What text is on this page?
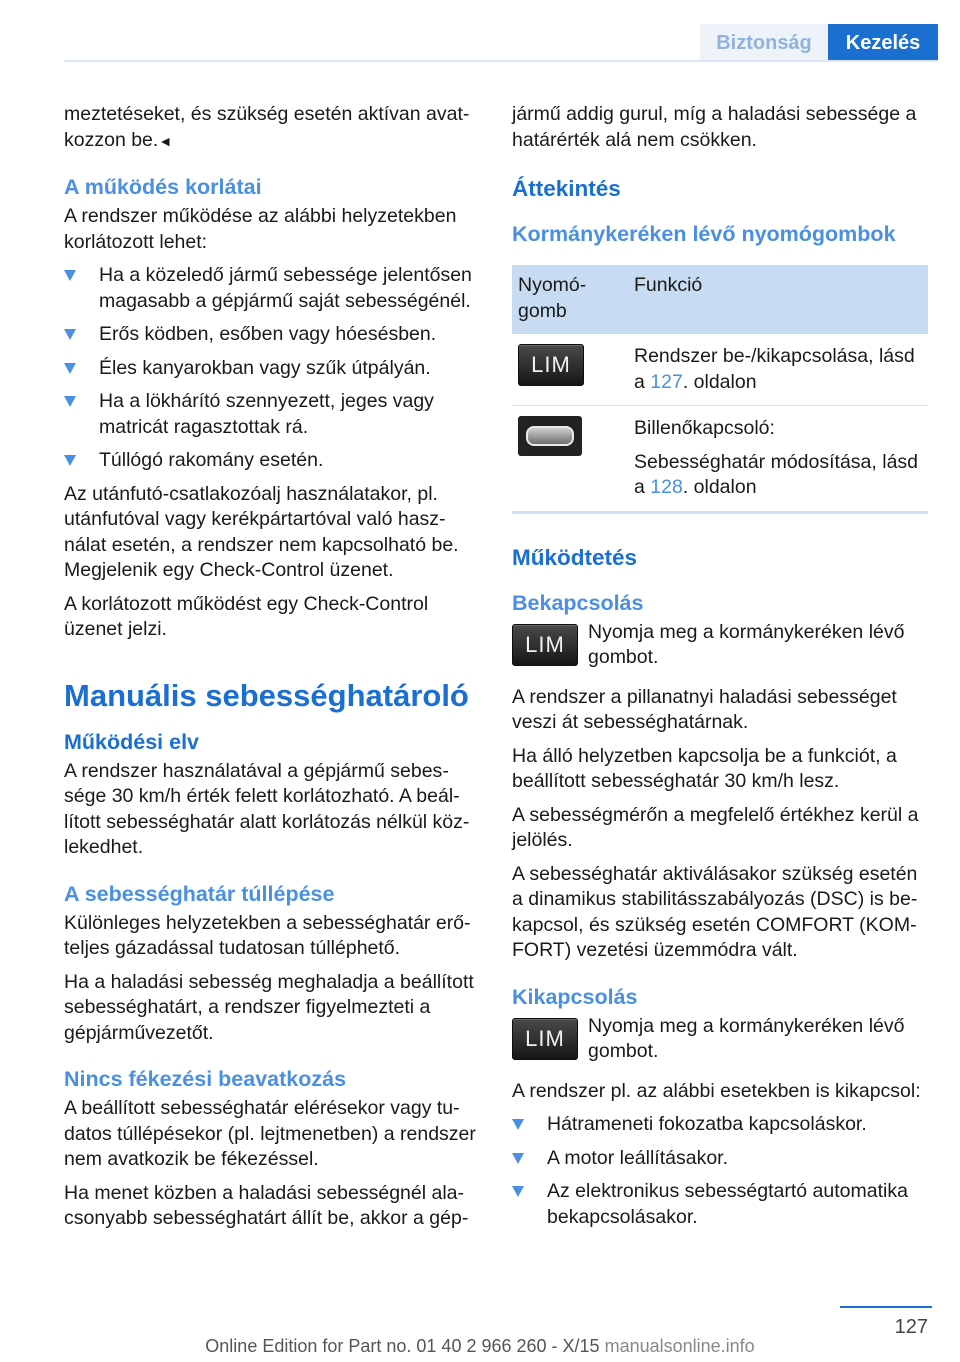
Biztonság	Kezelés

meztetéseket, és szükség esetén aktívan avatkozzon be.◄

A működés korlátai

A rendszer működése az alábbi helyzetekben korlátozott lehet:

Ha a közeledő jármű sebessége jelentősen magasabb a gépjármű saját sebességénél.
Erős ködben, esőben vagy hóesésben.
Éles kanyarokban vagy szűk útpályán.
Ha a lökhárító szennyezett, jeges vagy matricát ragasztottak rá.
Túllógó rakomány esetén.

Az utánfutó-csatlakozóalj használatakor, pl. utánfutóval vagy kerékpártartóval való használat esetén, a rendszer nem kapcsolható be. Megjelenik egy Check-Control üzenet.

A korlátozott működést egy Check-Control üzenet jelzi.

Manuális sebességhatároló
Működési elv

A rendszer használatával a gépjármű sebessége 30 km/h érték felett korlátozható. A beállított sebességhatár alatt korlátozás nélkül közlekedhet.

A sebességhatár túllépése

Különleges helyzetekben a sebességhatár erőteljes gázadással tudatosan túlléphető.

Ha a haladási sebesség meghaladja a beállított sebességhatárt, a rendszer figyelmezteti a gépjárművezetőt.

Nincs fékezési beavatkozás

A beállított sebességhatár elérésekor vagy tudatos túllépésekor (pl. lejtmenetben) a rendszer nem avatkozik be fékezéssel.

Ha menet közben a haladási sebességnél alacsonyabb sebességhatárt állít be, akkor a gép-

jármű addig gurul, míg a haladási sebessége a határérték alá nem csökken.

Áttekintés
Kormánykeréken lévő nyomógombok
Nyomógomb	Funkció

LIM	Rendszer be-/kikapcsolása, lásd a 127. oldalon

	Billenőkapcsoló:
Sebességhatár módosítása, lásd a 128. oldalon
Működtetés
Bekapcsolás
LIM
Nyomja meg a kormánykeréken lévő gombot.

A rendszer a pillanatnyi haladási sebességet veszi át sebességhatárnak.

Ha álló helyzetben kapcsolja be a funkciót, a beállított sebességhatár 30 km/h lesz.

A sebességmérőn a megfelelő értékhez kerül a jelölés.

A sebességhatár aktiválásakor szükség esetén a dinamikus stabilitásszabályozás (DSC) is bekapcsol, és szükség esetén COMFORT (KOMFORT) vezetési üzemmódra vált.

Kikapcsolás
LIM
Nyomja meg a kormánykeréken lévő gombot.

A rendszer pl. az alábbi esetekben is kikapcsol:

Hátrameneti fokozatba kapcsoláskor.
A motor leállításakor.
Az elektronikus sebességtartó automatika bekapcsolásakor.
127
Online Edition for Part no. 01 40 2 966 260 - X/15 manualsonline.info
